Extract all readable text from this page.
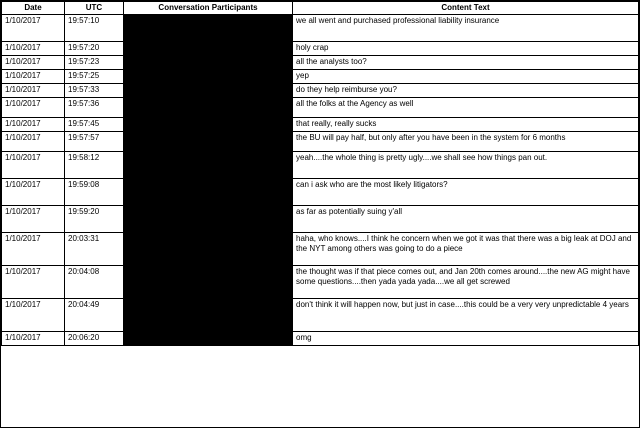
Date	UTC	Conversation Participants	Content Text
1/10/2017	19:57:10		we all went and purchased professional liability insurance
1/10/2017	19:57:20		holy crap
1/10/2017	19:57:23		all the analysts too?
1/10/2017	19:57:25		yep
1/10/2017	19:57:33		do they help reimburse you?
1/10/2017	19:57:36		all the folks at the Agency as well
1/10/2017	19:57:45		that really, really sucks
1/10/2017	19:57:57		the BU will pay half, but only after you have been in the system for 6 months
1/10/2017	19:58:12		yeah....the whole thing is pretty ugly....we shall see how things pan out.
1/10/2017	19:59:08		can i ask who are the most likely litigators?
1/10/2017	19:59:20		as far as potentially suing y'all
1/10/2017	20:03:31		haha, who knows....I think he concern when we got it was that there was a big leak at DOJ and the NYT among others was going to do a piece
1/10/2017	20:04:08		the thought was if that piece comes out, and Jan 20th comes around....the new AG might have some questions....then yada yada yada....we all get screwed
1/10/2017	20:04:49		don't think it will happen now, but just in case....this could be a very very unpredictable 4 years
1/10/2017	20:06:20		omg
